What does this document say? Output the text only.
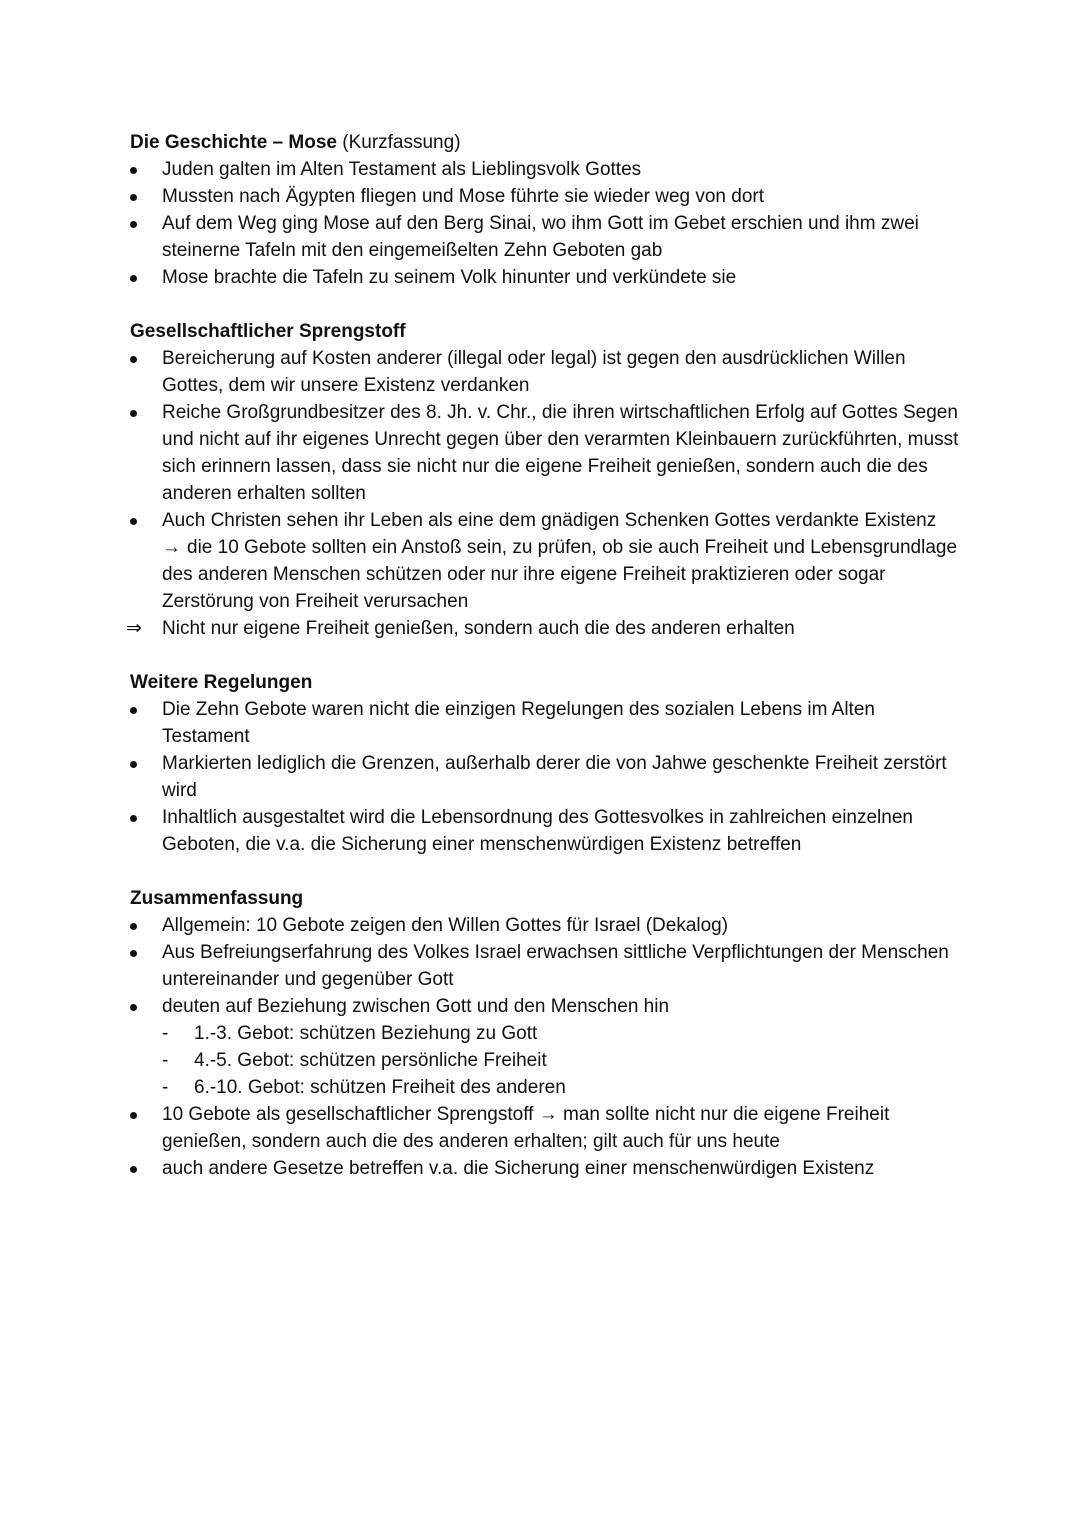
Die Geschichte – Mose (Kurzfassung)
Juden galten im Alten Testament als Lieblingsvolk Gottes
Mussten nach Ägypten fliegen und Mose führte sie wieder weg von dort
Auf dem Weg ging Mose auf den Berg Sinai, wo ihm Gott im Gebet erschien und ihm zwei steinerne Tafeln mit den eingemeißelten Zehn Geboten gab
Mose brachte die Tafeln zu seinem Volk hinunter und verkündete sie
Gesellschaftlicher Sprengstoff
Bereicherung auf Kosten anderer (illegal oder legal) ist gegen den ausdrücklichen Willen Gottes, dem wir unsere Existenz verdanken
Reiche Großgrundbesitzer des 8. Jh. v. Chr., die ihren wirtschaftlichen Erfolg auf Gottes Segen und nicht auf ihr eigenes Unrecht gegen über den verarmten Kleinbauern zurückführten, musst sich erinnern lassen, dass sie nicht nur die eigene Freiheit genießen, sondern auch die des anderen erhalten sollten
Auch Christen sehen ihr Leben als eine dem gnädigen Schenken Gottes verdankte Existenz
→ die 10 Gebote sollten ein Anstoß sein, zu prüfen, ob sie auch Freiheit und Lebensgrundlage des anderen Menschen schützen oder nur ihre eigene Freiheit praktizieren oder sogar Zerstörung von Freiheit verursachen
⇒	Nicht nur eigene Freiheit genießen, sondern auch die des anderen erhalten
Weitere Regelungen
Die Zehn Gebote waren nicht die einzigen Regelungen des sozialen Lebens im Alten Testament
Markierten lediglich die Grenzen, außerhalb derer die von Jahwe geschenkte Freiheit zerstört wird
Inhaltlich ausgestaltet wird die Lebensordnung des Gottesvolkes in zahlreichen einzelnen Geboten, die v.a. die Sicherung einer menschenwürdigen Existenz betreffen
Zusammenfassung
Allgemein: 10 Gebote zeigen den Willen Gottes für Israel (Dekalog)
Aus Befreiungserfahrung des Volkes Israel erwachsen sittliche Verpflichtungen der Menschen untereinander und gegenüber Gott
deuten auf Beziehung zwischen Gott und den Menschen hin
- 1.-3. Gebot: schützen Beziehung zu Gott
- 4.-5. Gebot: schützen persönliche Freiheit
- 6.-10. Gebot: schützen Freiheit des anderen
10 Gebote als gesellschaftlicher Sprengstoff → man sollte nicht nur die eigene Freiheit genießen, sondern auch die des anderen erhalten; gilt auch für uns heute
auch andere Gesetze betreffen v.a. die Sicherung einer menschenwürdigen Existenz
